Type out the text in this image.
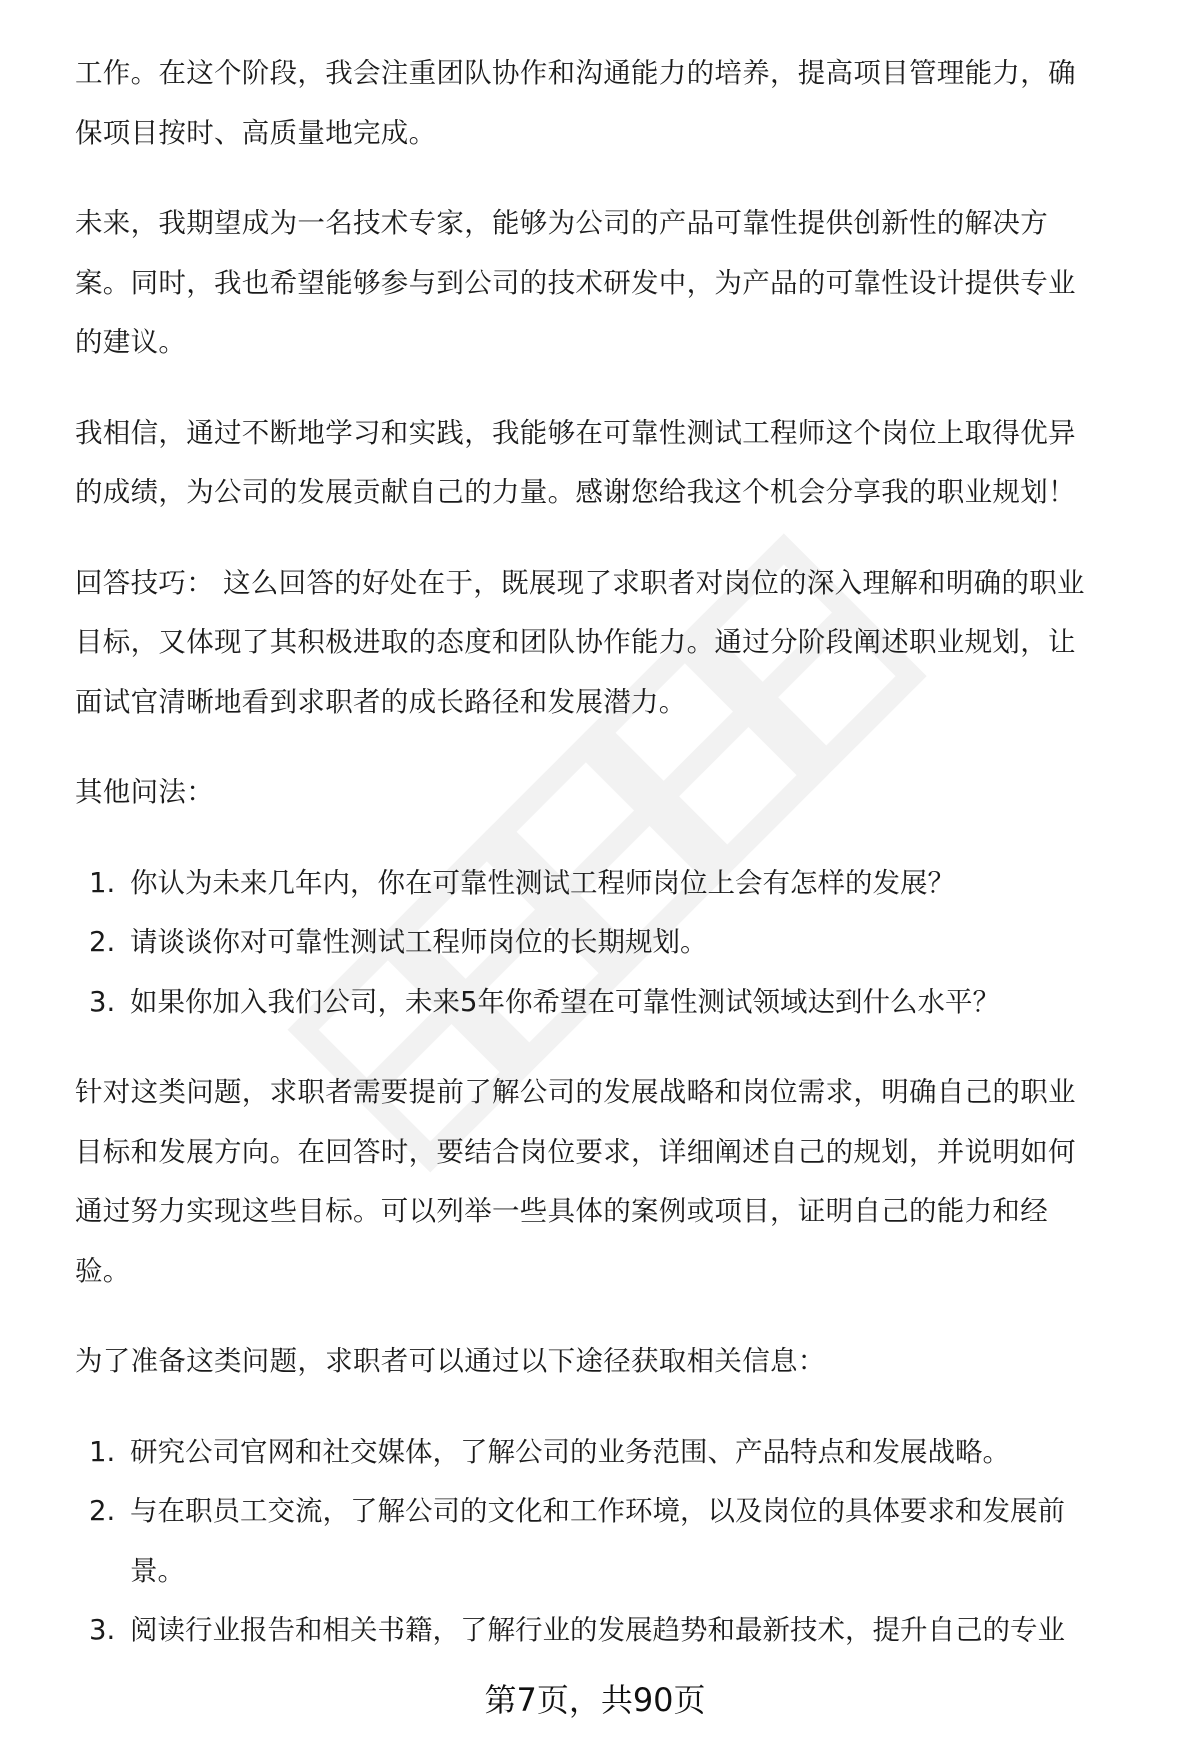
工作。在这个阶段，我会注重团队协作和沟通能力的培养，提高项目管理能力，确

保项目按时、高质量地完成。

未来，我期望成为一名技术专家，能够为公司的产品可靠性提供创新性的解决方

案。同时，我也希望能够参与到公司的技术研发中，为产品的可靠性设计提供专业

的建议。

我相信，通过不断地学习和实践，我能够在可靠性测试工程师这个岗位上取得优异

的成绩，为公司的发展贡献自己的力量。感谢您给我这个机会分享我的职业规划！

回答技巧： 这么回答的好处在于，既展现了求职者对岗位的深入理解和明确的职业

目标，又体现了其积极进取的态度和团队协作能力。通过分阶段阐述职业规划，让

面试官清晰地看到求职者的成长路径和发展潜力。

其他问法：

1. 你认为未来几年内，你在可靠性测试工程师岗位上会有怎样的发展？
2. 请谈谈你对可靠性测试工程师岗位的长期规划。
3. 如果你加入我们公司，未来5年你希望在可靠性测试领域达到什么水平？

针对这类问题，求职者需要提前了解公司的发展战略和岗位需求，明确自己的职业

目标和发展方向。在回答时，要结合岗位要求，详细阐述自己的规划，并说明如何

通过努力实现这些目标。可以列举一些具体的案例或项目，证明自己的能力和经

验。

为了准备这类问题，求职者可以通过以下途径获取相关信息：

1. 研究公司官网和社交媒体，了解公司的业务范围、产品特点和发展战略。
2. 与在职员工交流，了解公司的文化和工作环境，以及岗位的具体要求和发展前
景。
3. 阅读行业报告和相关书籍，了解行业的发展趋势和最新技术，提升自己的专业
第7页，共90页
